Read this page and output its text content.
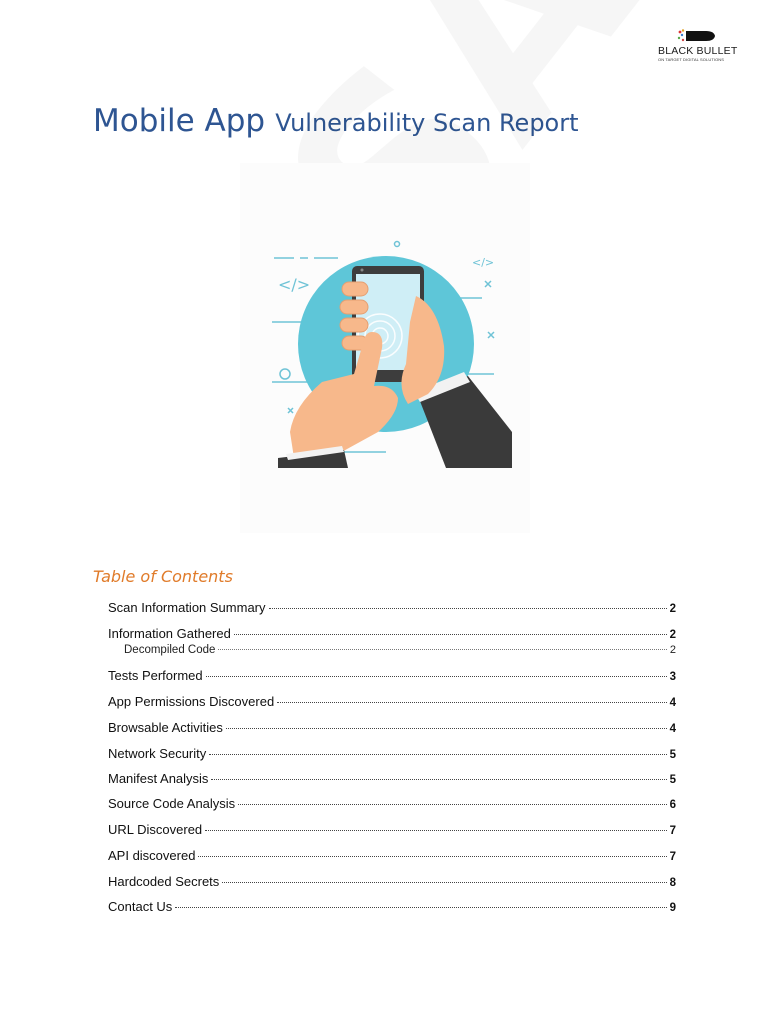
BLACK BULLET
ON TARGET DIGITAL SOLUTIONS
Mobile App Vulnerability Scan Report
</>
</>
Table of Contents
Scan Information Summary	2
Information Gathered	2
Decompiled Code	2
Tests Performed	3
App Permissions Discovered	4
Browsable Activities	4
Network Security	5
Manifest Analysis	5
Source Code Analysis	6
URL Discovered	7
API discovered	7
Hardcoded Secrets	8
Contact Us	9
